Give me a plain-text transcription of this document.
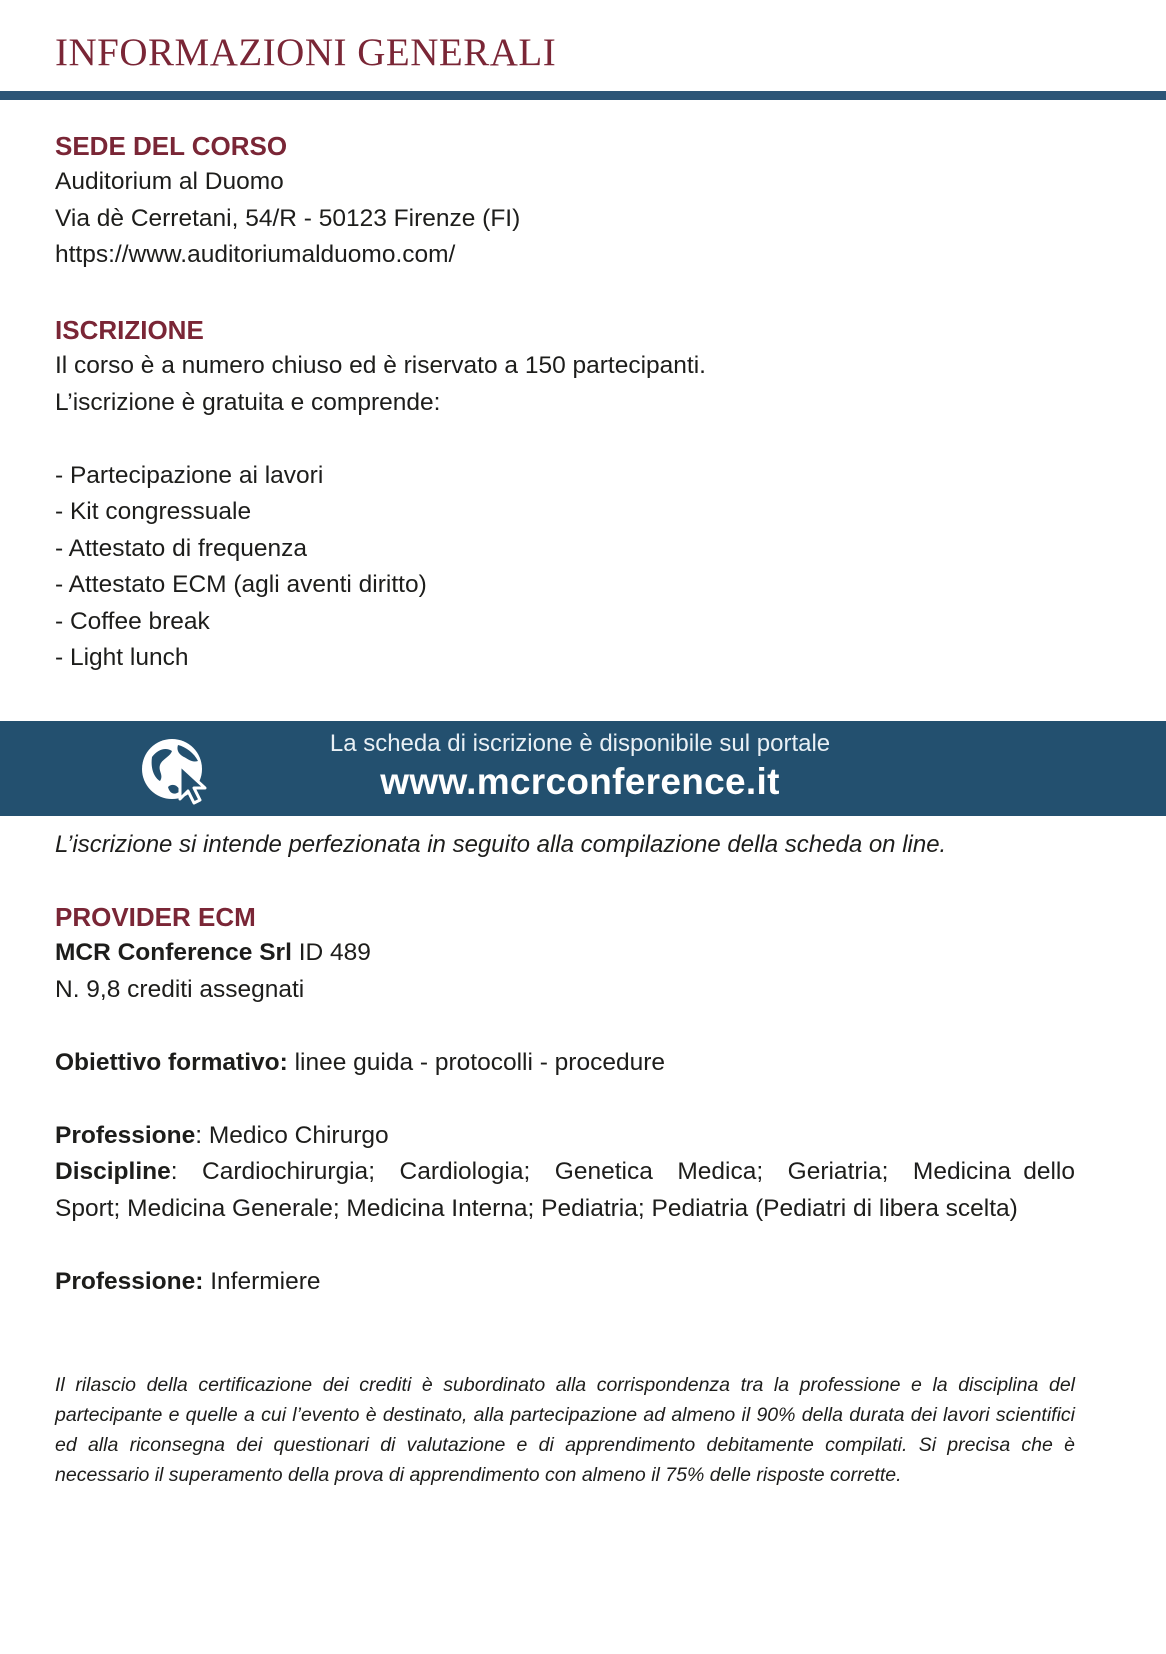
INFORMAZIONI GENERALI
SEDE DEL CORSO

Auditorium al Duomo

Via dè Cerretani, 54/R - 50123 Firenze (FI)

https://www.auditoriumalduomo.com/

ISCRIZIONE

Il corso è a numero chiuso ed è riservato a 150 partecipanti.

L’iscrizione è gratuita e comprende:

- Partecipazione ai lavori
- Kit congressuale
- Attestato di frequenza
- Attestato ECM (agli aventi diritto)
- Coffee break
- Light lunch
La scheda di iscrizione è disponibile sul portale
www.mcrconference.it

L’iscrizione si intende perfezionata in seguito alla compilazione della scheda on line.

PROVIDER ECM

MCR Conference Srl ID 489

N. 9,8 crediti assegnati

Obiettivo formativo: linee guida - protocolli - procedure

Professione: Medico Chirurgo

Discipline:  Cardiochirurgia;  Cardiologia;  Genetica  Medica;  Geriatria;  Medicina dello Sport; Medicina Generale; Medicina Interna; Pediatria; Pediatria (Pediatri di libera scelta)

Professione: Infermiere

Il rilascio della certificazione dei crediti è subordinato alla corrispondenza tra la professione e la disciplina del partecipante e quelle a cui l’evento è destinato, alla partecipazione ad almeno il 90% della durata dei lavori scientifici ed alla riconsegna dei questionari di valutazione e di apprendimento debitamente compilati. Si precisa che è necessario il superamento della prova di apprendimento con almeno il 75% delle risposte corrette.
